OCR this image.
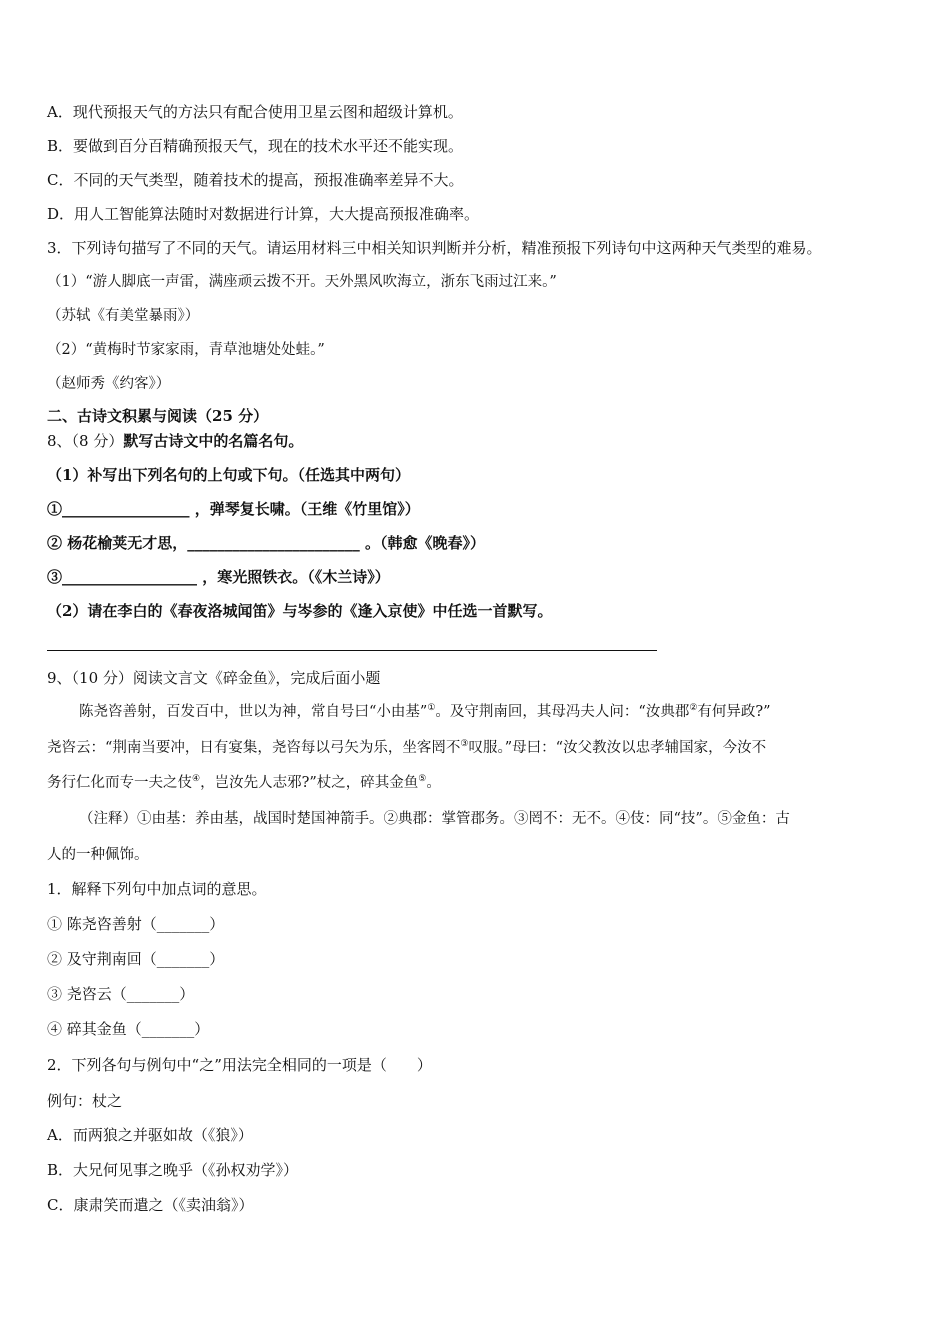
A．现代预报天气的方法只有配合使用卫星云图和超级计算机。
B．要做到百分百精确预报天气，现在的技术水平还不能实现。
C．不同的天气类型，随着技术的提高，预报准确率差异不大。
D．用人工智能算法随时对数据进行计算，大大提高预报准确率。
3．下列诗句描写了不同的天气。请运用材料三中相关知识判断并分析，精准预报下列诗句中这两种天气类型的难易。
（1）“游人脚底一声雷，满座顽云拨不开。天外黑风吹海立，浙东飞雨过江来。”
（苏轼《有美堂暴雨》）
（2）“黄梅时节家家雨，青草池塘处处蛙。”
（赵师秀《约客》）
二、古诗文积累与阅读（25 分）
8、（8 分）默写古诗文中的名篇名句。
（1）补写出下列名句的上句或下句。（任选其中两句）
①_________________ ，弹琴复长啸。（王维《竹里馆》）
② 杨花榆荚无才思，_______________________ 。（韩愈《晚春》）
③__________________ ，寒光照铁衣。（《木兰诗》）
（2）请在李白的《春夜洛城闻笛》与岑参的《逢入京使》中任选一首默写。
9、（10 分）阅读文言文《碎金鱼》，完成后面小题
陈尧咨善射，百发百中，世以为神，常自号曰“小由基”①。及守荆南回，其母冯夫人问：“汝典郡②有何异政?”
尧咨云：“荆南当要冲，日有宴集，尧咨每以弓矢为乐，坐客罔不③叹服。”母曰：“汝父教汝以忠孝辅国家，今汝不
务行仁化而专一夫之伎④，岂汝先人志邪?”杖之，碎其金鱼⑤。
（注释）①由基：养由基，战国时楚国神箭手。②典郡：掌管郡务。③罔不：无不。④伎：同“技”。⑤金鱼：古
人的一种佩饰。
1．解释下列句中加点词的意思。
① 陈尧咨善射（_______）
② 及守荆南回（_______）
③ 尧咨云（_______）
④ 碎其金鱼（_______）
2．下列各句与例句中“之”用法完全相同的一项是（　　）
例句：杖之
A．而两狼之并驱如故（《狼》）
B．大兄何见事之晚乎（《孙权劝学》）
C．康肃笑而遣之（《卖油翁》）
